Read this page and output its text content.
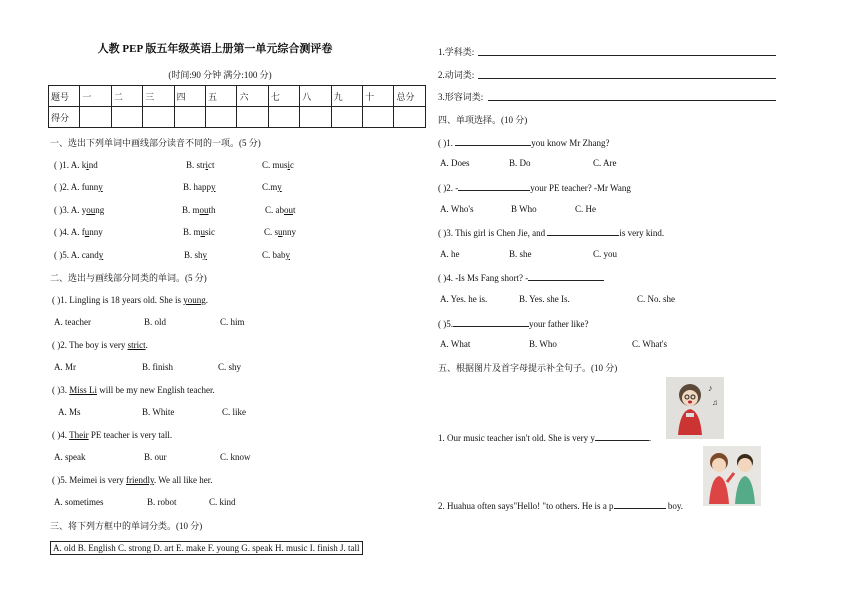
人教 PEP 版五年级英语上册第一单元综合测评卷
(时间:90 分钟 满分:100 分)
题号	一	二	三	四	五	六	七	八	九	十	总分
得分											
一、选出下列单词中画线部分读音不同的一项。(5 分)
( )1. A. kind	B. strict	C. music
( )2. A. funny	B. happy	C.my
( )3. A. young	B. mouth	C. about
( )4. A. funny	B. music	C. sunny
( )5. A. candy	B. shy	C. baby
二、选出与画线部分同类的单词。(5 分)
( )1. Lingling is 18 years old. She is young.
A. teacher	B. old	C. him
( )2. The boy is very strict.
A. Mr	B. finish	C. shy
( )3. Miss Li will be my new English teacher.
A. Ms	B. White	C. like
( )4. Their PE teacher is very tall.
A. speak	B. our	C. know
( )5. Meimei is very friendly. We all like her.
A. sometimes	B. robot	C. kind
三、将下列方框中的单词分类。(10 分)
A. old B. English C. strong D. art E. make F. young G. speak H. music I. finish J. tall
1.学科类:
2.动词类:
3.形容词类:
四、单项选择。(10 分)
( )1.	you know Mr Zhang?
A. Does	B. Do	C. Are
( )2. -	your PE teacher? -Mr Wang
A. Who's	B Who	C. He
( )3. This girl is Chen Jie, and	is very kind.
A. he	B. she	C. you
( )4. -Is Ms Fang short? -
A. Yes. he is.	B. Yes. she Is.	C. No. she
( )5.	your father like?
A. What	B. Who	C. What's
五、根据图片及首字母提示补全句子。(10 分)
♪
♫
1. Our music teacher isn't old. She is very y	.
2. Huahua often says"Hello! "to others. He is a p	boy.
